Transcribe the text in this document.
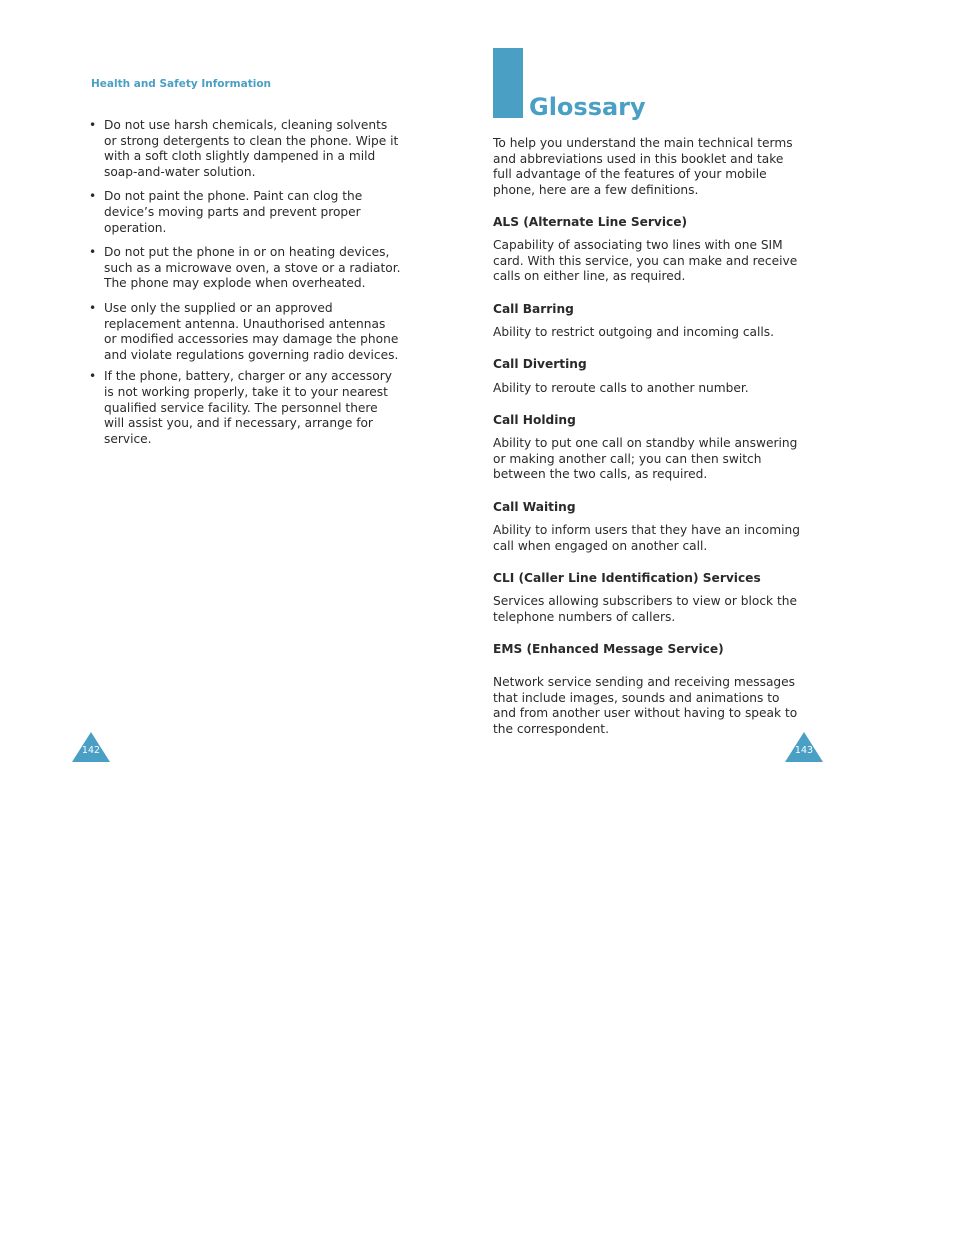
Health and Safety Information
• Do not use harsh chemicals, cleaning solvents or strong detergents to clean the phone. Wipe it with a soft cloth slightly dampened in a mild soap-and-water solution.
• Do not paint the phone. Paint can clog the device’s moving parts and prevent proper operation.
• Do not put the phone in or on heating devices, such as a microwave oven, a stove or a radiator. The phone may explode when overheated.
• Use only the supplied or an approved replacement antenna. Unauthorised antennas or modified accessories may damage the phone and violate regulations governing radio devices.
• If the phone, battery, charger or any accessory is not working properly, take it to your nearest qualified service facility. The personnel there will assist you, and if necessary, arrange for service.
142
Glossary
To help you understand the main technical terms and abbreviations used in this booklet and take full advantage of the features of your mobile phone, here are a few definitions.
ALS (Alternate Line Service)
Capability of associating two lines with one SIM card. With this service, you can make and receive calls on either line, as required.
Call Barring
Ability to restrict outgoing and incoming calls.
Call Diverting
Ability to reroute calls to another number.
Call Holding
Ability to put one call on standby while answering or making another call; you can then switch between the two calls, as required.
Call Waiting
Ability to inform users that they have an incoming call when engaged on another call.
CLI (Caller Line Identification) Services
Services allowing subscribers to view or block the telephone numbers of callers.
EMS (Enhanced Message Service)
Network service sending and receiving messages that include images, sounds and animations to and from another user without having to speak to the correspondent.
143
